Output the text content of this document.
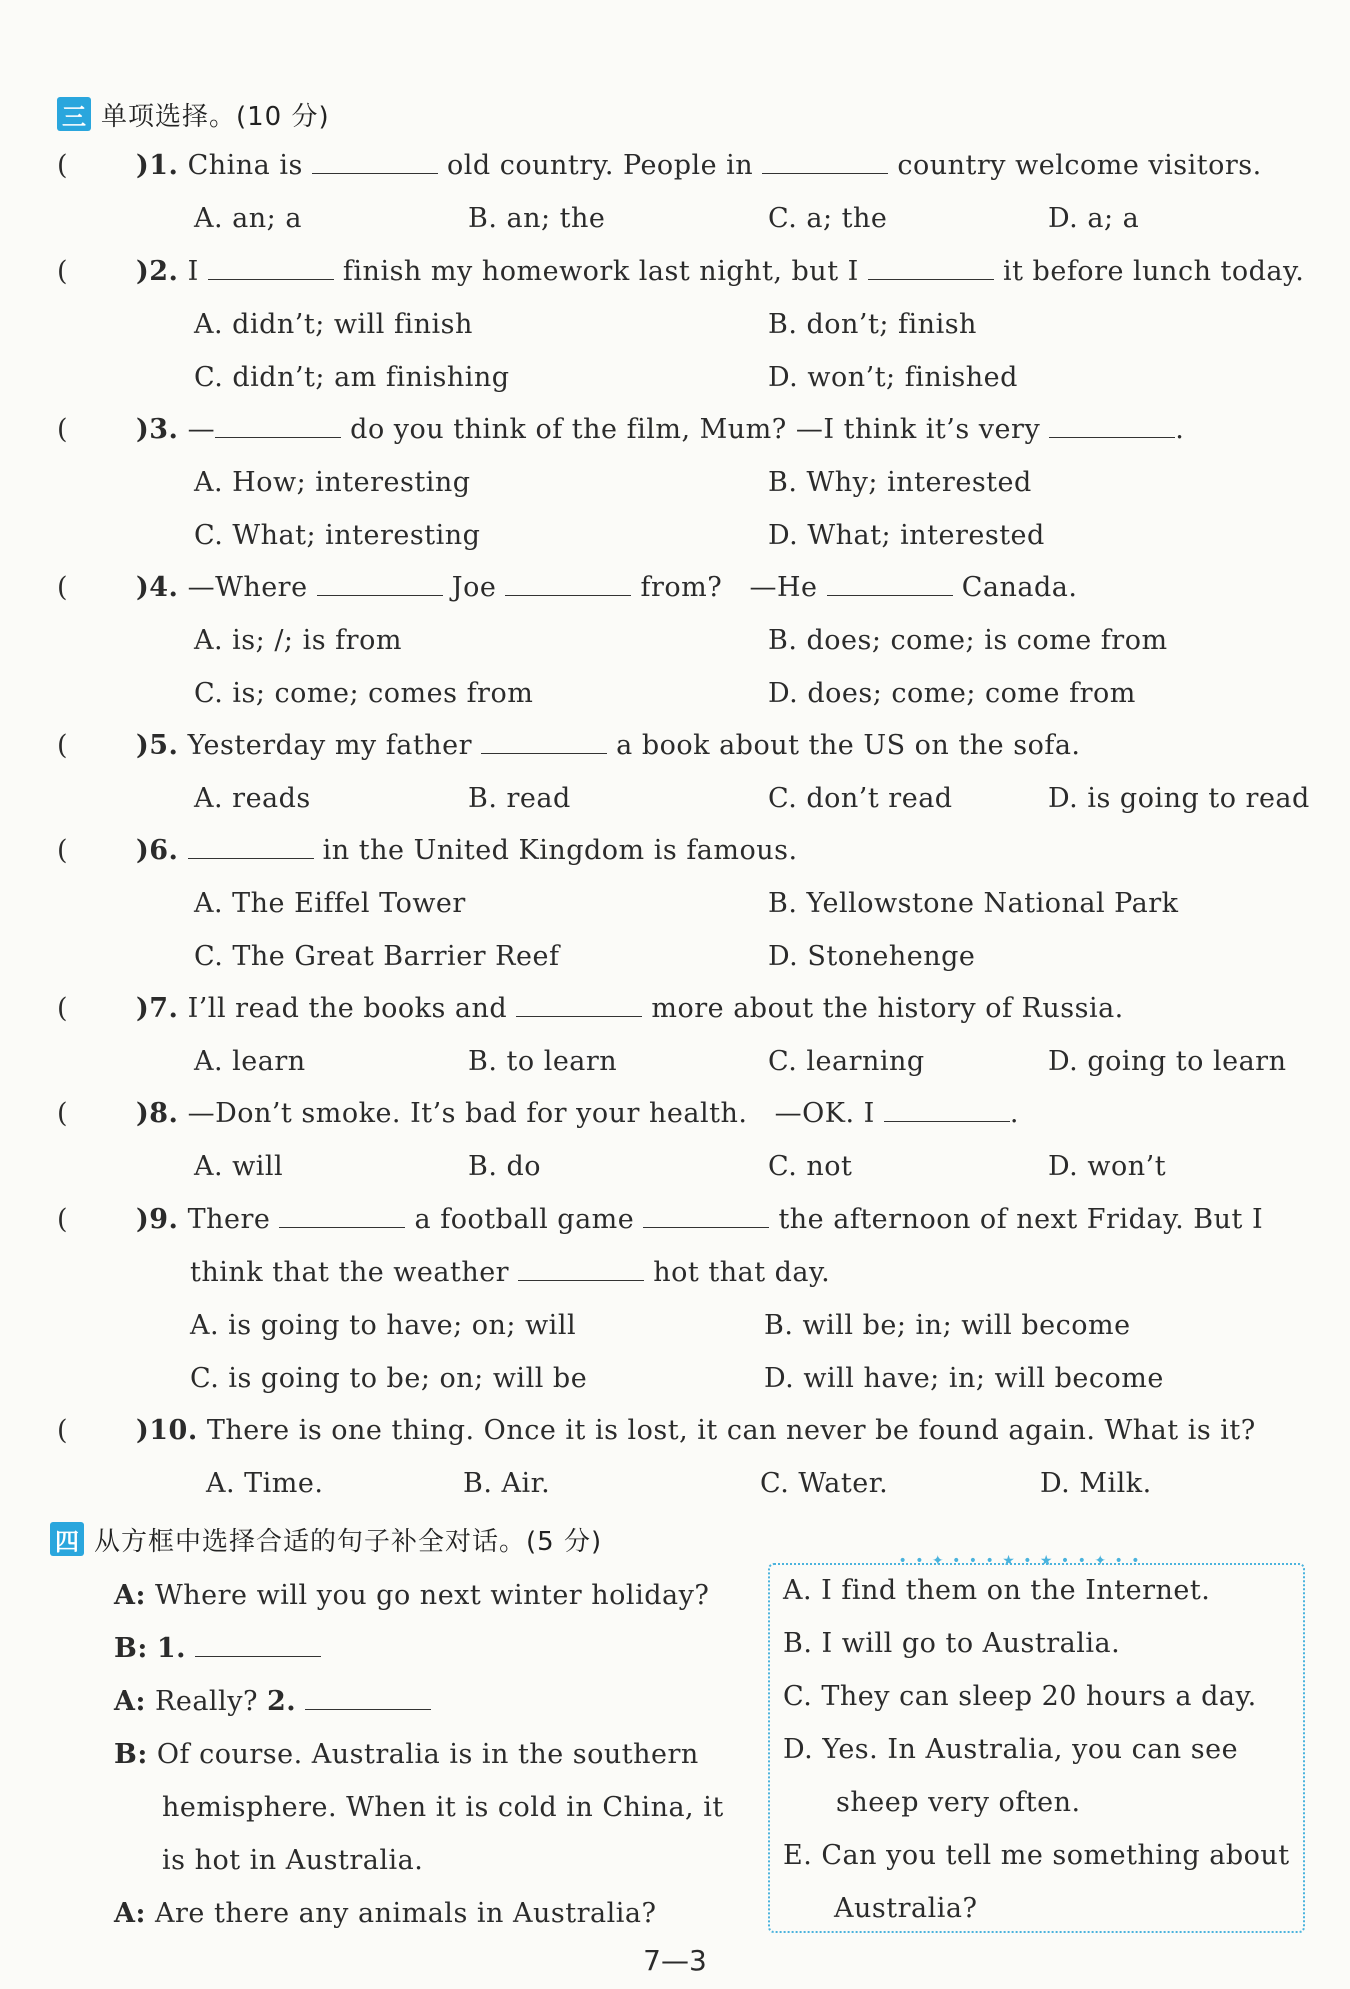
三 单项选择。(10 分)
(	)1. China is	old country. People in	country welcome visitors.
A. an; a	B. an; the	C. a; the	D. a; a
(	)2. I	finish my homework last night, but I	it before lunch today.
A. didn’t; will finish	B. don’t; finish
C. didn’t; am finishing	D. won’t; finished
(	)3. —	do you think of the film, Mum? —I think it’s very	.
A. How; interesting	B. Why; interested
C. What; interesting	D. What; interested
(	)4. —Where	Joe	from? —He	Canada.
A. is; /; is from	B. does; come; is come from
C. is; come; comes from	D. does; come; come from
(	)5. Yesterday my father	a book about the US on the sofa.
A. reads	B. read	C. don’t read	D. is going to read
(	)6.	in the United Kingdom is famous.
A. The Eiffel Tower	B. Yellowstone National Park
C. The Great Barrier Reef	D. Stonehenge
(	)7. I’ll read the books and	more about the history of Russia.
A. learn	B. to learn	C. learning	D. going to learn
(	)8. —Don’t smoke. It’s bad for your health. —OK. I	.
A. will	B. do	C. not	D. won’t
(	)9. There	a football game	the afternoon of next Friday. But I
think that the weather	hot that day.
A. is going to have; on; will	B. will be; in; will become
C. is going to be; on; will be	D. will have; in; will become
(	)10. There is one thing. Once it is lost, it can never be found again. What is it?
A. Time.	B. Air.	C. Water.	D. Milk.
四 从方框中选择合适的句子补全对话。(5 分)
A: Where will you go next winter holiday?
B: 1.
A: Really? 2.
B: Of course. Australia is in the southern
hemisphere. When it is cold in China, it
is hot in Australia.
A: Are there any animals in Australia?
• • ✦ • • • ★ • ★ • • ✦ • •
A. I find them on the Internet.
B. I will go to Australia.
C. They can sleep 20 hours a day.
D. Yes. In Australia, you can see
sheep very often.
E. Can you tell me something about
Australia?
7—3
